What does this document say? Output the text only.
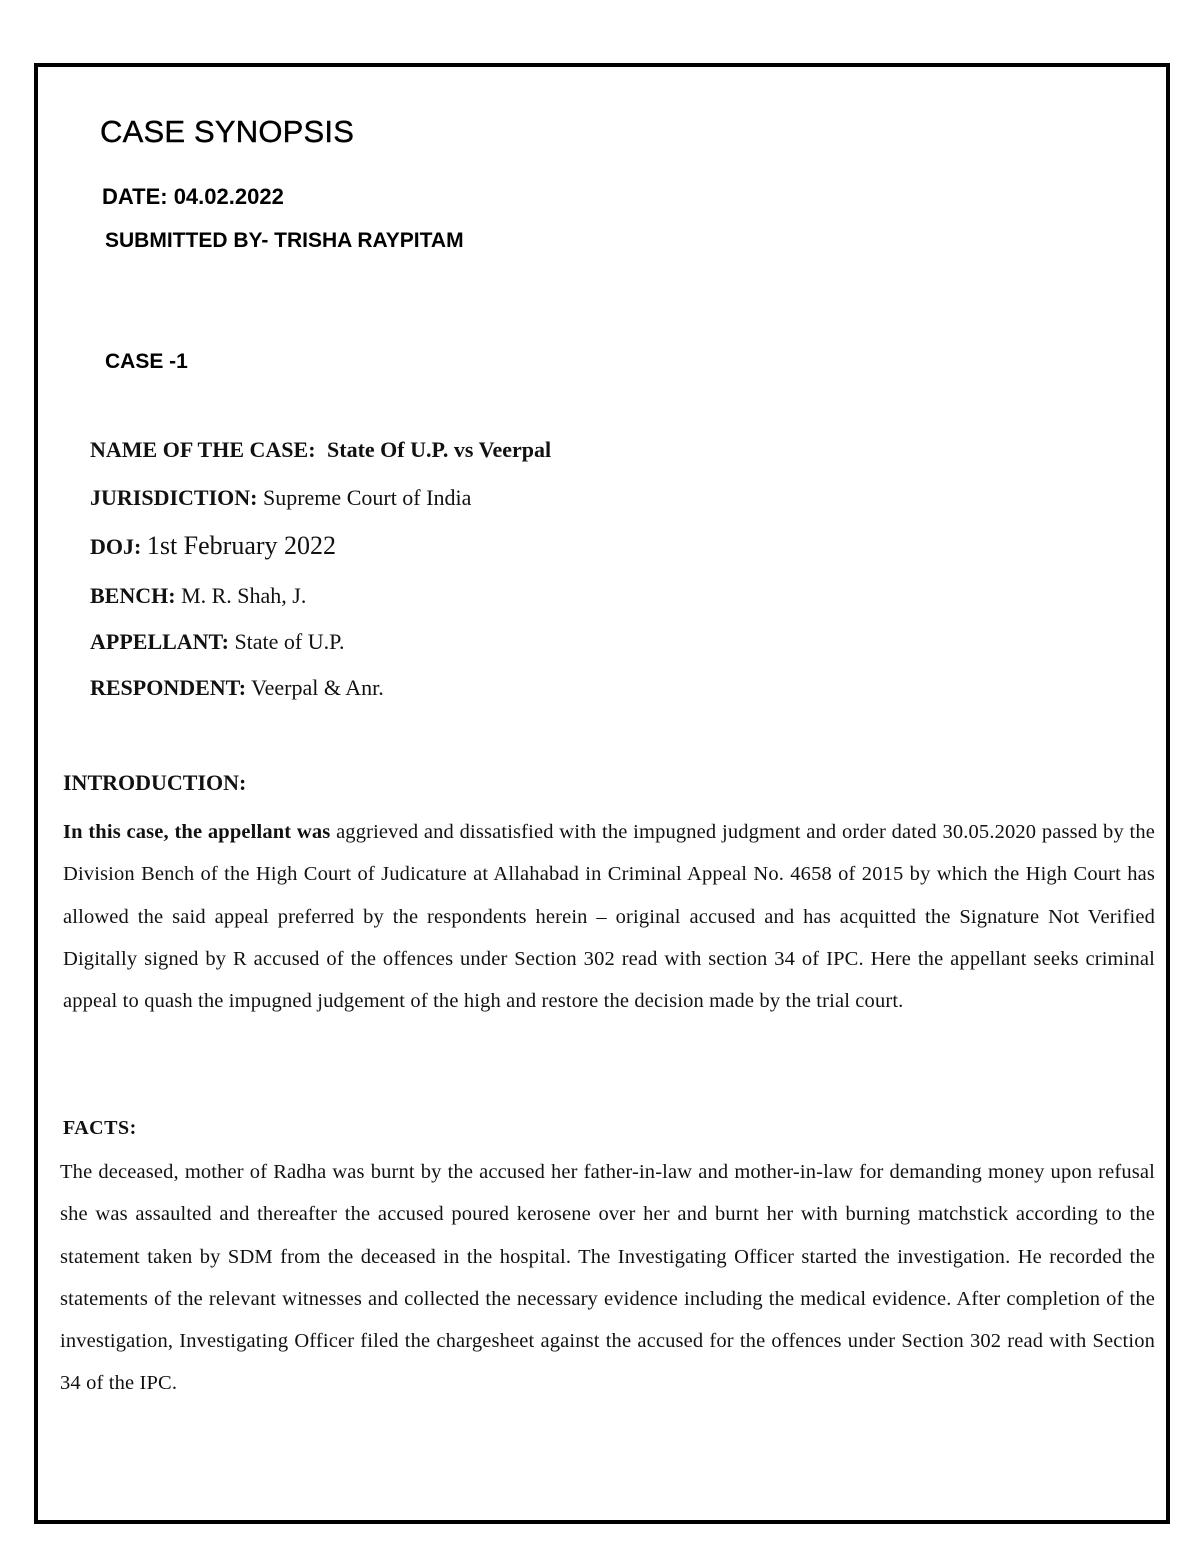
CASE SYNOPSIS
DATE: 04.02.2022
SUBMITTED BY- TRISHA RAYPITAM
CASE -1
NAME OF THE CASE: State Of U.P. vs Veerpal
JURISDICTION: Supreme Court of India
DOJ: 1st February 2022
BENCH: M. R. Shah, J.
APPELLANT: State of U.P.
RESPONDENT: Veerpal & Anr.
INTRODUCTION:

In this case, the appellant was aggrieved and dissatisfied with the impugned judgment and order dated 30.05.2020 passed by the Division Bench of the High Court of Judicature at Allahabad in Criminal Appeal No. 4658 of 2015 by which the High Court has allowed the said appeal preferred by the respondents herein – original accused and has acquitted the Signature Not Verified Digitally signed by R accused of the offences under Section 302 read with section 34 of IPC. Here the appellant seeks criminal appeal to quash the impugned judgement of the high and restore the decision made by the trial court.

FACTS:

The deceased, mother of Radha was burnt by the accused her father-in-law and mother-in-law for demanding money upon refusal she was assaulted and thereafter the accused poured kerosene over her and burnt her with burning matchstick according to the statement taken by SDM from the deceased in the hospital. The Investigating Officer started the investigation. He recorded the statements of the relevant witnesses and collected the necessary evidence including the medical evidence. After completion of the investigation, Investigating Officer filed the chargesheet against the accused for the offences under Section 302 read with Section 34 of the IPC.
